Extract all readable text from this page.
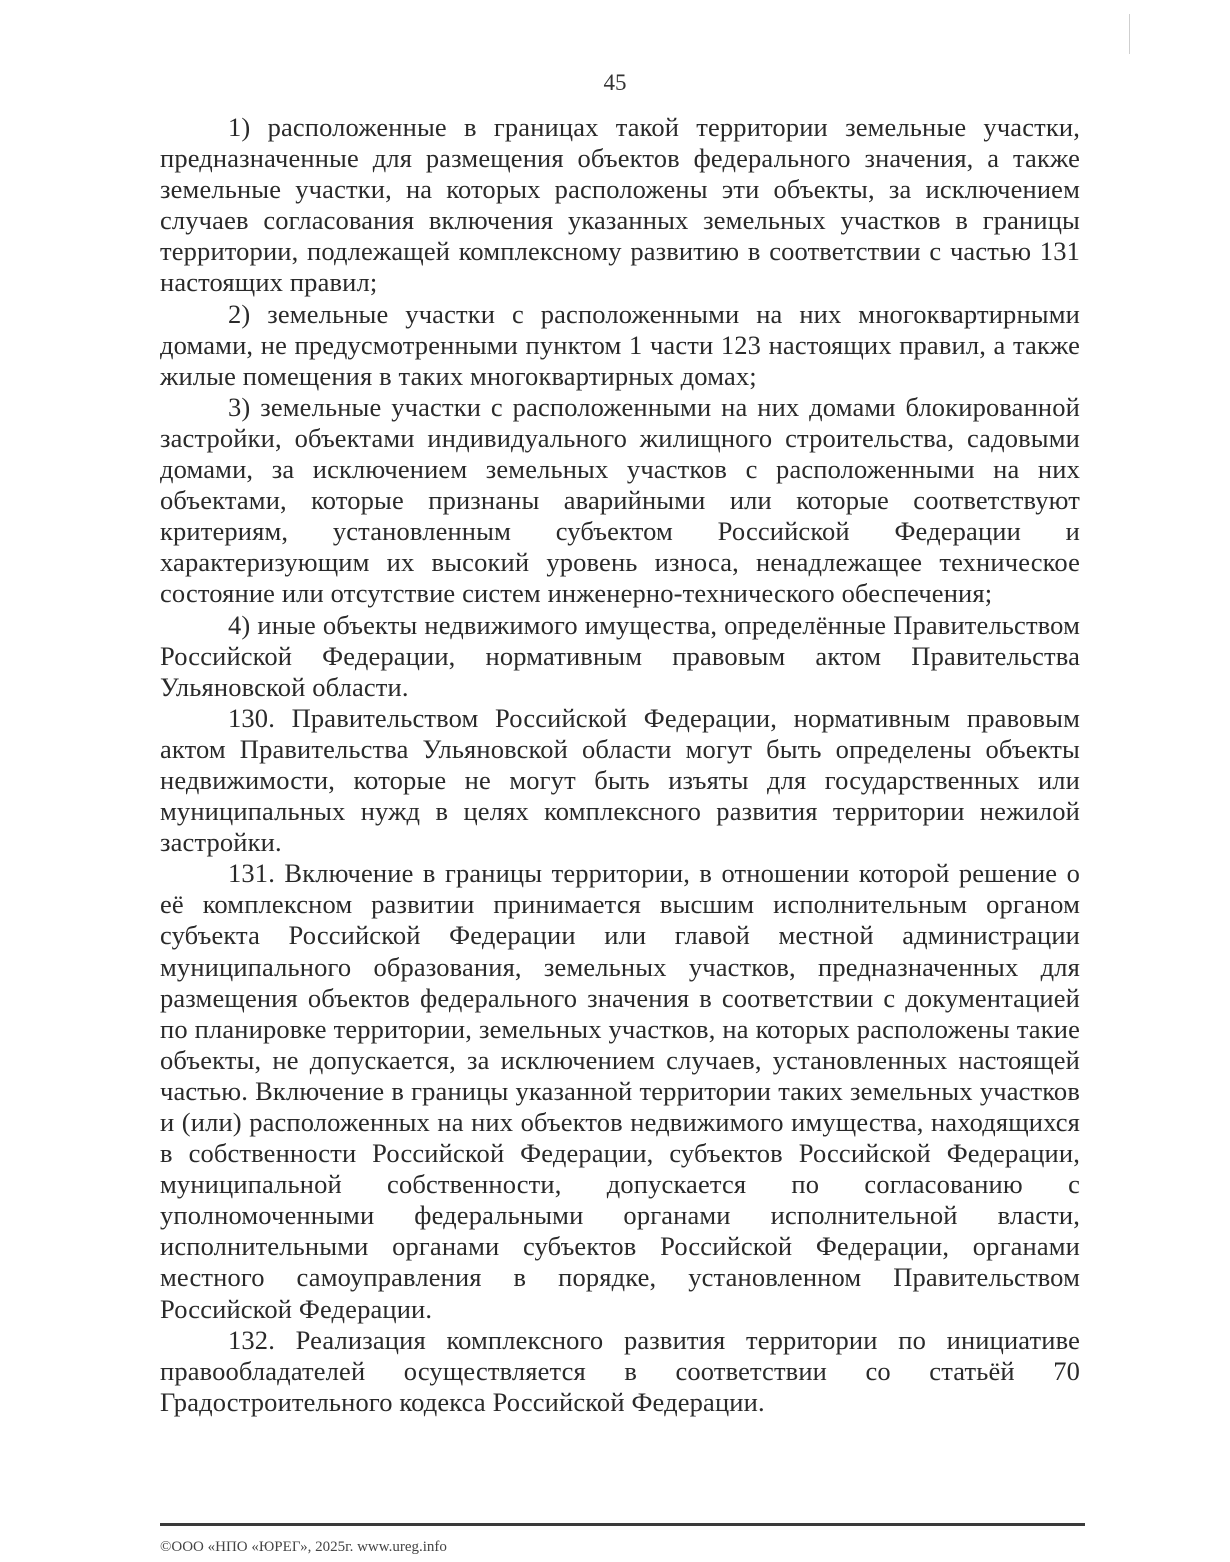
45

1) расположенные в границах такой территории земельные участки, предназначенные для размещения объектов федерального значения, а также земельные участки, на которых расположены эти объекты, за исключением случаев согласования включения указанных земельных участков в границы территории, подлежащей комплексному развитию в соответствии с частью 131 настоящих правил;

2) земельные участки с расположенными на них многоквартирными домами, не предусмотренными пунктом 1 части 123 настоящих правил, а также жилые помещения в таких многоквартирных домах;

3) земельные участки с расположенными на них домами блокированной застройки, объектами индивидуального жилищного строительства, садовыми домами, за исключением земельных участков с расположенными на них объектами, которые признаны аварийными или которые соответствуют критериям, установленным субъектом Российской Федерации и характеризующим их высокий уровень износа, ненадлежащее техническое состояние или отсутствие систем инженерно-технического обеспечения;

4) иные объекты недвижимого имущества, определённые Правительством Российской Федерации, нормативным правовым актом Правительства Ульяновской области.

130. Правительством Российской Федерации, нормативным правовым актом Правительства Ульяновской области могут быть определены объекты недвижимости, которые не могут быть изъяты для государственных или муниципальных нужд в целях комплексного развития территории нежилой застройки.

131. Включение в границы территории, в отношении которой решение о её комплексном развитии принимается высшим исполнительным органом субъекта Российской Федерации или главой местной администрации муниципального образования, земельных участков, предназначенных для размещения объектов федерального значения в соответствии с документацией по планировке территории, земельных участков, на которых расположены такие объекты, не допускается, за исключением случаев, установленных настоящей частью. Включение в границы указанной территории таких земельных участков и (или) расположенных на них объектов недвижимого имущества, находящихся в собственности Российской Федерации, субъектов Российской Федерации, муниципальной собственности, допускается по согласованию с уполномоченными федеральными органами исполнительной власти, исполнительными органами субъектов Российской Федерации, органами местного самоуправления в порядке, установленном Правительством Российской Федерации.

132. Реализация комплексного развития территории по инициативе правообладателей осуществляется в соответствии со статьёй 70 Градостроительного кодекса Российской Федерации.

©ООО «НПО «ЮРЕГ», 2025г. www.ureg.info
